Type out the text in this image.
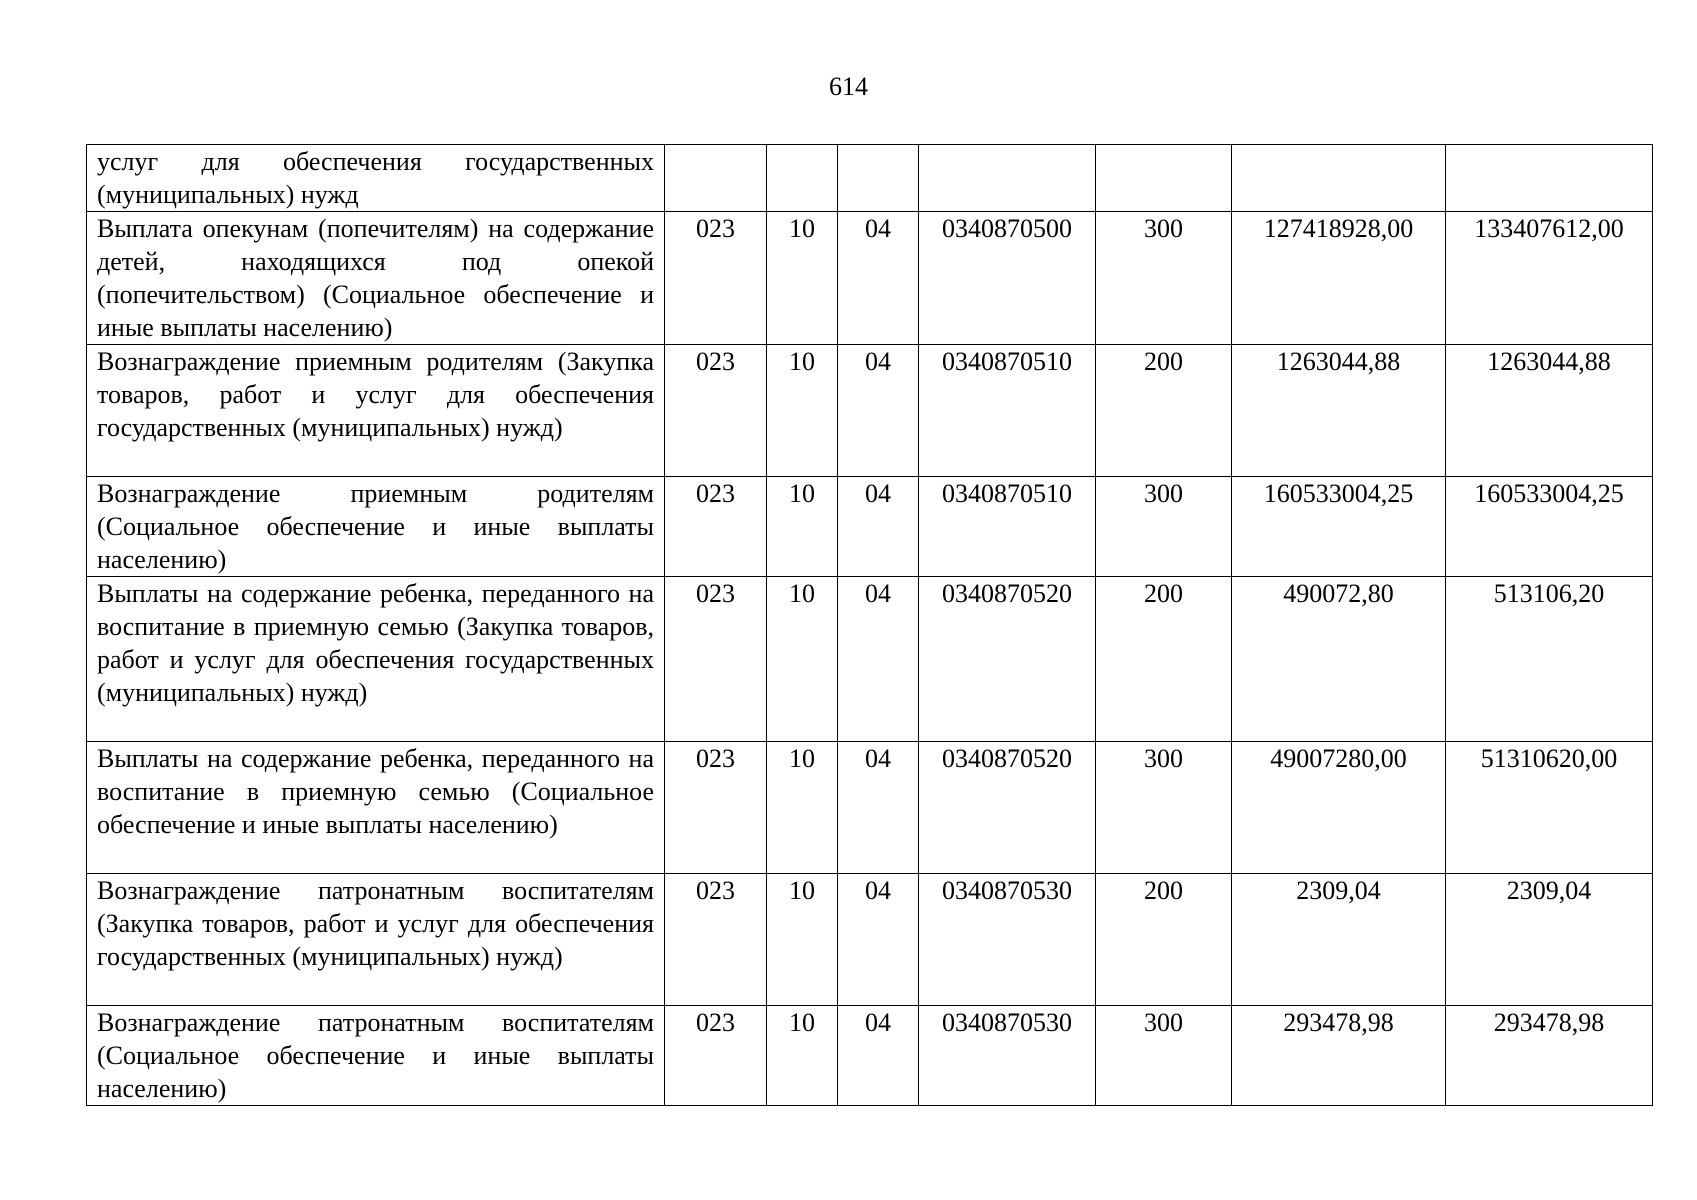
614
услуг для обеспечения государственных (муниципальных) нужд							
Выплата опекунам (попечителям) на содержание детей, находящихся под опекой (попечительством) (Социальное обеспечение и иные выплаты населению)	023	10	04	0340870500	300	127418928,00	133407612,00
Вознаграждение приемным родителям (Закупка товаров, работ и услуг для обеспечения государственных (муниципальных) нужд)	023	10	04	0340870510	200	1263044,88	1263044,88
Вознаграждение приемным родителям (Социальное обеспечение и иные выплаты населению)	023	10	04	0340870510	300	160533004,25	160533004,25
Выплаты на содержание ребенка, переданного на воспитание в приемную семью (Закупка товаров, работ и услуг для обеспечения государственных (муниципальных) нужд)	023	10	04	0340870520	200	490072,80	513106,20
Выплаты на содержание ребенка, переданного на воспитание в приемную семью (Социальное обеспечение и иные выплаты населению)	023	10	04	0340870520	300	49007280,00	51310620,00
Вознаграждение патронатным воспитателям (Закупка товаров, работ и услуг для обеспечения государственных (муниципальных) нужд)	023	10	04	0340870530	200	2309,04	2309,04
Вознаграждение патронатным воспитателям (Социальное обеспечение и иные выплаты населению)	023	10	04	0340870530	300	293478,98	293478,98
